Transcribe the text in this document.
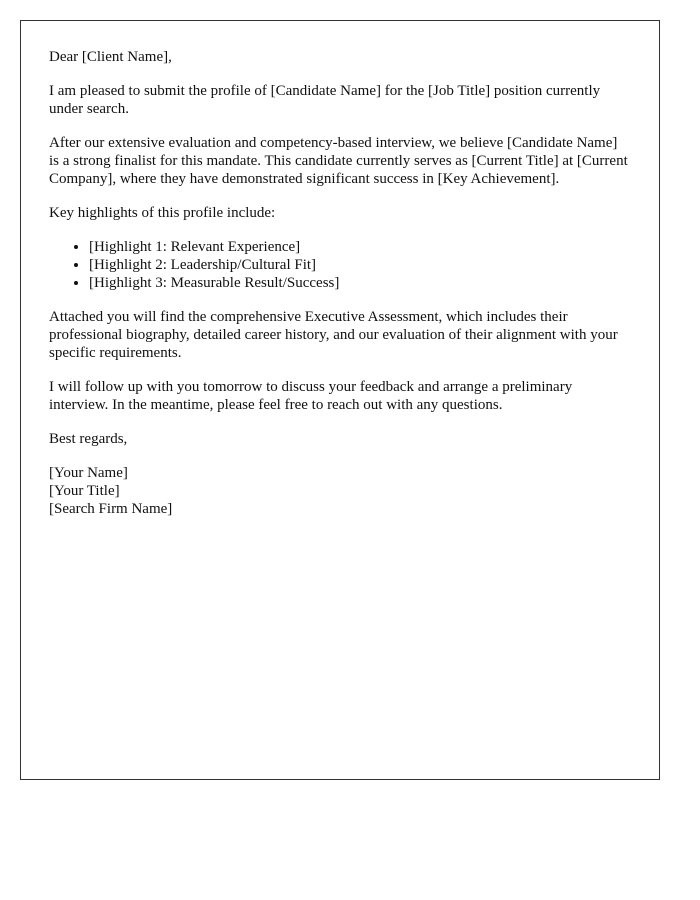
Dear [Client Name],

I am pleased to submit the profile of [Candidate Name] for the [Job Title] position currently under search.

After our extensive evaluation and competency-based interview, we believe [Candidate Name] is a strong finalist for this mandate. This candidate currently serves as [Current Title] at [Current Company], where they have demonstrated significant success in [Key Achievement].

Key highlights of this profile include:

• [Highlight 1: Relevant Experience]
• [Highlight 2: Leadership/Cultural Fit]
• [Highlight 3: Measurable Result/Success]

Attached you will find the comprehensive Executive Assessment, which includes their professional biography, detailed career history, and our evaluation of their alignment with your specific requirements.

I will follow up with you tomorrow to discuss your feedback and arrange a preliminary interview. In the meantime, please feel free to reach out with any questions.

Best regards,

[Your Name]
[Your Title]
[Search Firm Name]
